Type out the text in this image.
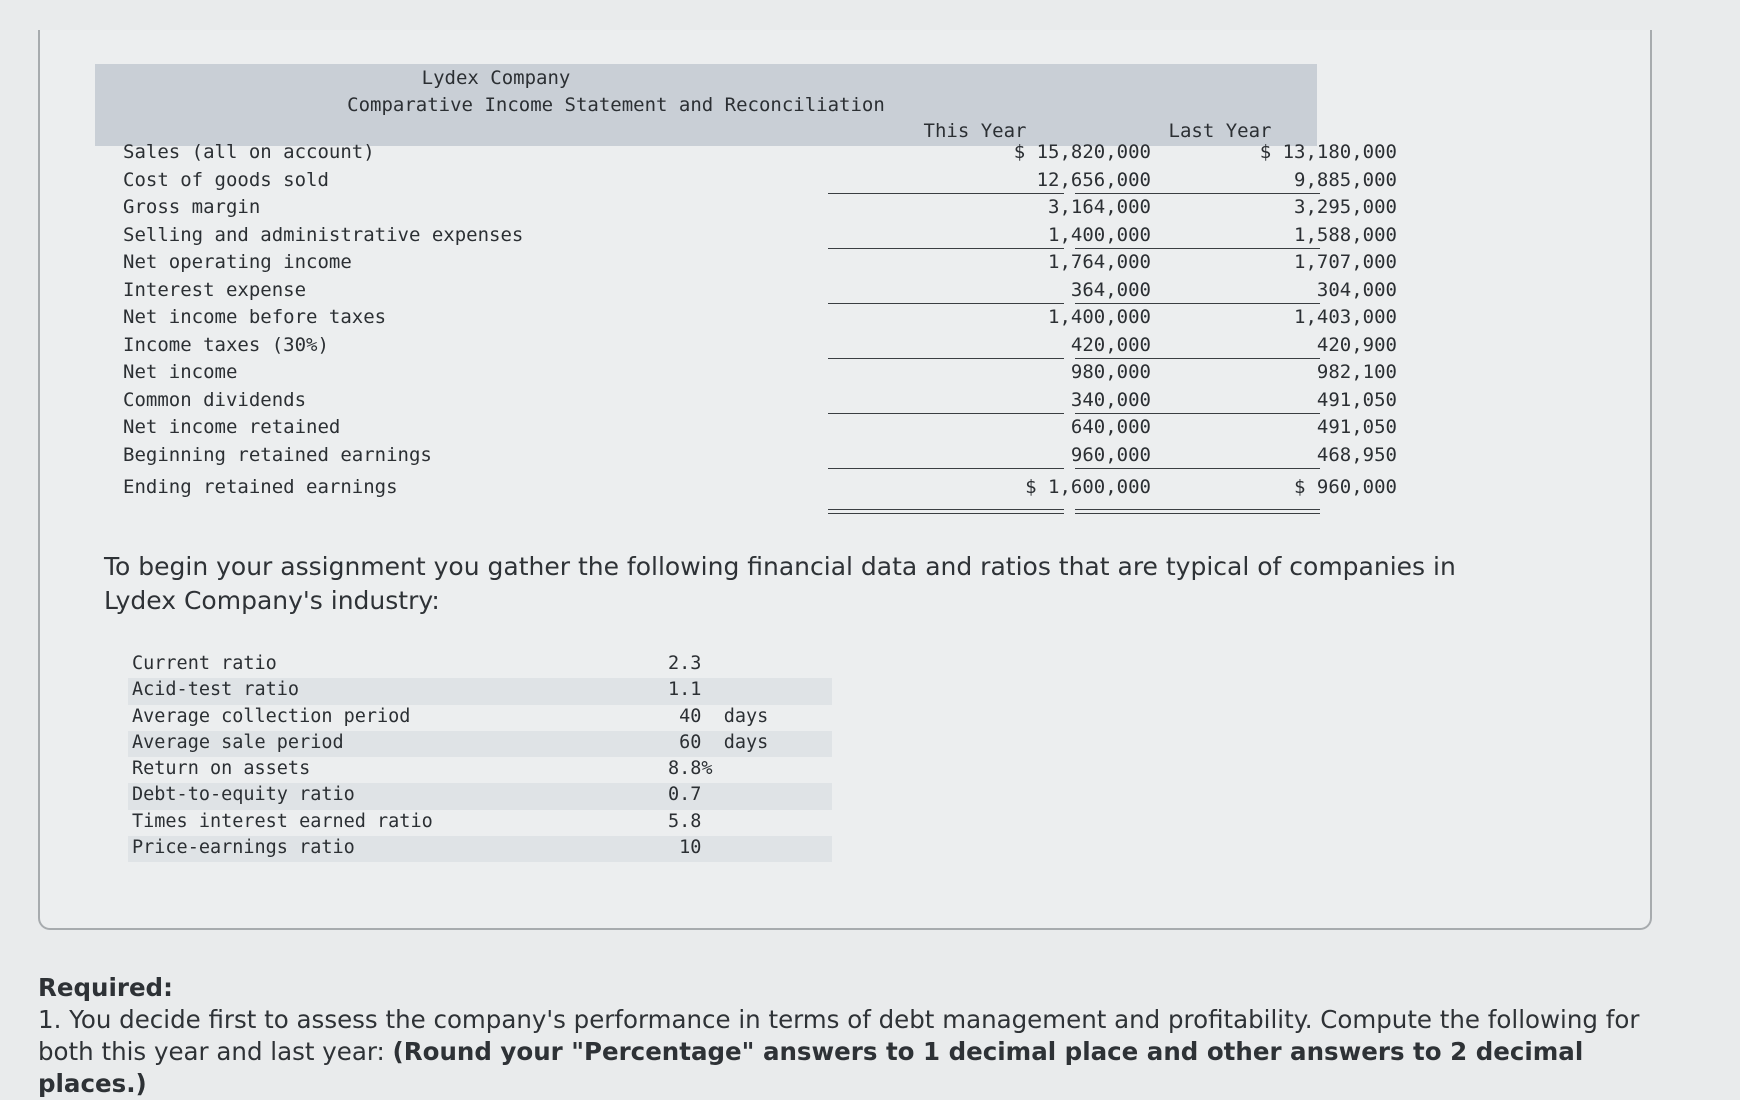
Lydex Company
Comparative Income Statement and Reconciliation
This Year	Last Year
Sales (all on account)	$ 15,820,000	$ 13,180,000
Cost of goods sold	12,656,000	9,885,000
Gross margin	3,164,000	3,295,000
Selling and administrative expenses	1,400,000	1,588,000
Net operating income	1,764,000	1,707,000
Interest expense	364,000	304,000
Net income before taxes	1,400,000	1,403,000
Income taxes (30%)	420,000	420,900
Net income	980,000	982,100
Common dividends	340,000	491,050
Net income retained	640,000	491,050
Beginning retained earnings	960,000	468,950
Ending retained earnings	$ 1,600,000	$ 960,000
To begin your assignment you gather the following financial data and ratios that are typical of companies in Lydex Company's industry:
Current ratio	2.3
Acid-test ratio	1.1
Average collection period	40  days
Average sale period	60  days
Return on assets	8.8%
Debt-to-equity ratio	0.7
Times interest earned ratio	5.8
Price-earnings ratio	10
Required:
1. You decide first to assess the company's performance in terms of debt management and profitability. Compute the following for both this year and last year: (Round your "Percentage" answers to 1 decimal place and other answers to 2 decimal places.)
